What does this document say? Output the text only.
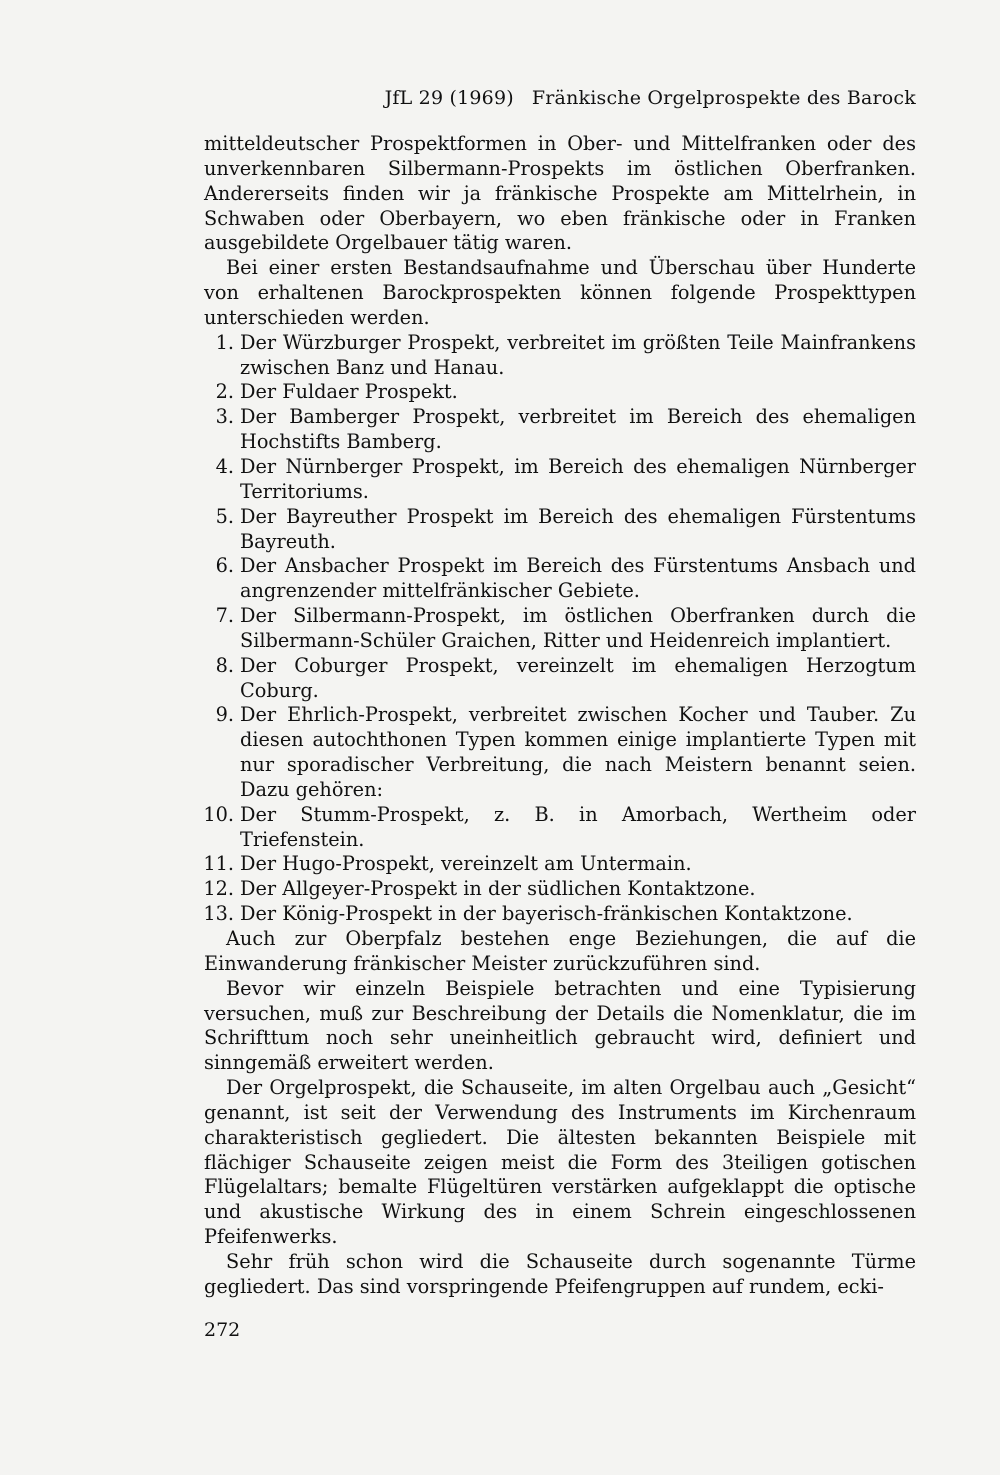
JfL 29 (1969) Fränkische Orgelprospekte des Barock

mitteldeutscher Prospektformen in Ober- und Mittelfranken oder des unverkennbaren Silbermann-Prospekts im östlichen Oberfranken. Andererseits finden wir ja fränkische Prospekte am Mittelrhein, in Schwaben oder Oberbayern, wo eben fränkische oder in Franken ausgebildete Orgelbauer tätig waren.

Bei einer ersten Bestandsaufnahme und Überschau über Hunderte von erhaltenen Barockprospekten können folgende Prospekttypen unterschieden werden.

1. Der Würzburger Prospekt, verbreitet im größten Teile Mainfrankens zwischen Banz und Hanau.
2. Der Fuldaer Prospekt.
3. Der Bamberger Prospekt, verbreitet im Bereich des ehemaligen Hochstifts Bamberg.
4. Der Nürnberger Prospekt, im Bereich des ehemaligen Nürnberger Territoriums.
5. Der Bayreuther Prospekt im Bereich des ehemaligen Fürstentums Bayreuth.
6. Der Ansbacher Prospekt im Bereich des Fürstentums Ansbach und angrenzender mittelfränkischer Gebiete.
7. Der Silbermann-Prospekt, im östlichen Oberfranken durch die Silbermann-Schüler Graichen, Ritter und Heidenreich implantiert.
8. Der Coburger Prospekt, vereinzelt im ehemaligen Herzogtum Coburg.
9. Der Ehrlich-Prospekt, verbreitet zwischen Kocher und Tauber. Zu diesen autochthonen Typen kommen einige implantierte Typen mit nur sporadischer Verbreitung, die nach Meistern benannt seien. Dazu gehören:
10. Der Stumm-Prospekt, z. B. in Amorbach, Wertheim oder Triefenstein.
11. Der Hugo-Prospekt, vereinzelt am Untermain.
12. Der Allgeyer-Prospekt in der südlichen Kontaktzone.
13. Der König-Prospekt in der bayerisch-fränkischen Kontaktzone.

Auch zur Oberpfalz bestehen enge Beziehungen, die auf die Einwanderung fränkischer Meister zurückzuführen sind.

Bevor wir einzeln Beispiele betrachten und eine Typisierung versuchen, muß zur Beschreibung der Details die Nomenklatur, die im Schrifttum noch sehr uneinheitlich gebraucht wird, definiert und sinngemäß erweitert werden.

Der Orgelprospekt, die Schauseite, im alten Orgelbau auch „Gesicht“ genannt, ist seit der Verwendung des Instruments im Kirchenraum charakteristisch gegliedert. Die ältesten bekannten Beispiele mit flächiger Schauseite zeigen meist die Form des 3teiligen gotischen Flügelaltars; bemalte Flügeltüren verstärken aufgeklappt die optische und akustische Wirkung des in einem Schrein eingeschlossenen Pfeifenwerks.

Sehr früh schon wird die Schauseite durch sogenannte Türme gegliedert. Das sind vorspringende Pfeifengruppen auf rundem, ecki-

272
